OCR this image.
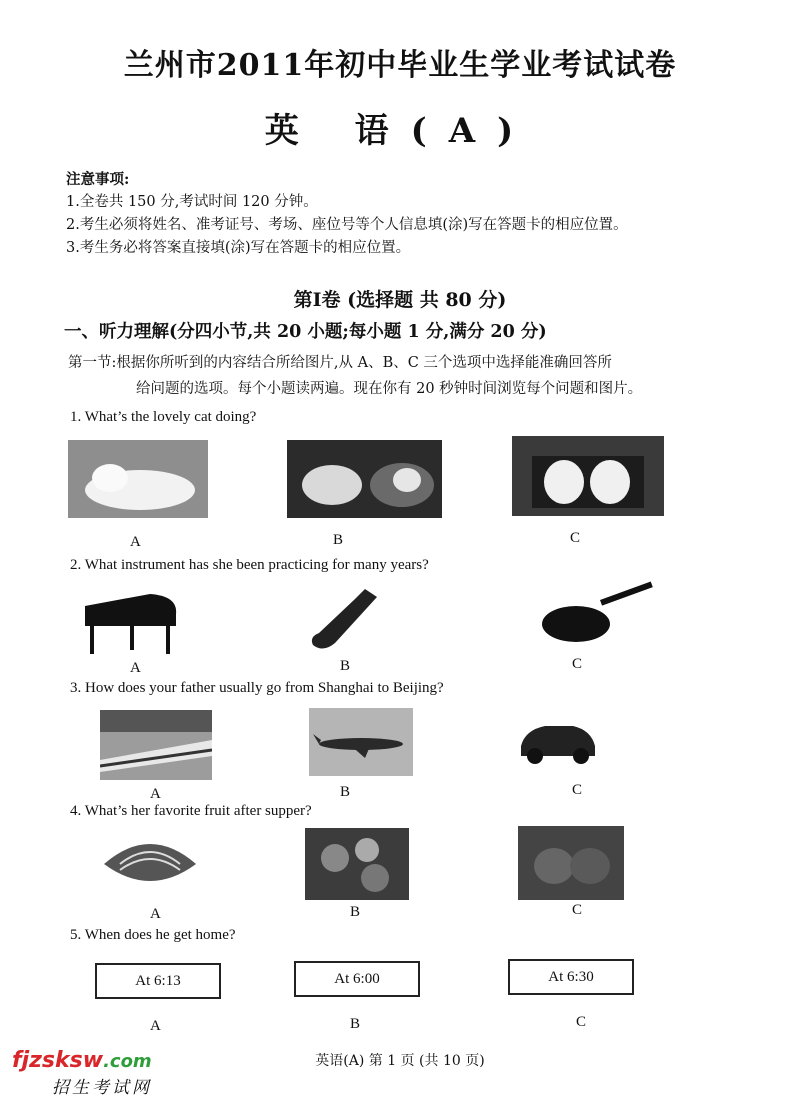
兰州市2011年初中毕业生学业考试试卷
英 语(A)
注意事项:
1.全卷共 150 分,考试时间 120 分钟。
2.考生必须将姓名、准考证号、考场、座位号等个人信息填(涂)写在答题卡的相应位置。
3.考生务必将答案直接填(涂)写在答题卡的相应位置。
第Ⅰ卷 (选择题 共 80 分)
一、听力理解(分四小节,共 20 小题;每小题 1 分,满分 20 分)
第一节:根据你所听到的内容结合所给图片,从 A、B、C 三个选项中选择能准确回答所
给问题的选项。每个小题读两遍。现在你有 20 秒钟时间浏览每个问题和图片。
1. What’s the lovely cat doing?
A	B	C
2. What instrument has she been practicing for many years?
A	B	C
3. How does your father usually go from Shanghai to Beijing?
A	B	C
4. What’s her favorite fruit after supper?
A	B	C
5. When does he get home?
At 6:13	At 6:00	At 6:30
A	B	C
英语(A) 第 1 页 (共 10 页)
fjzsksw.com
招生考试网
